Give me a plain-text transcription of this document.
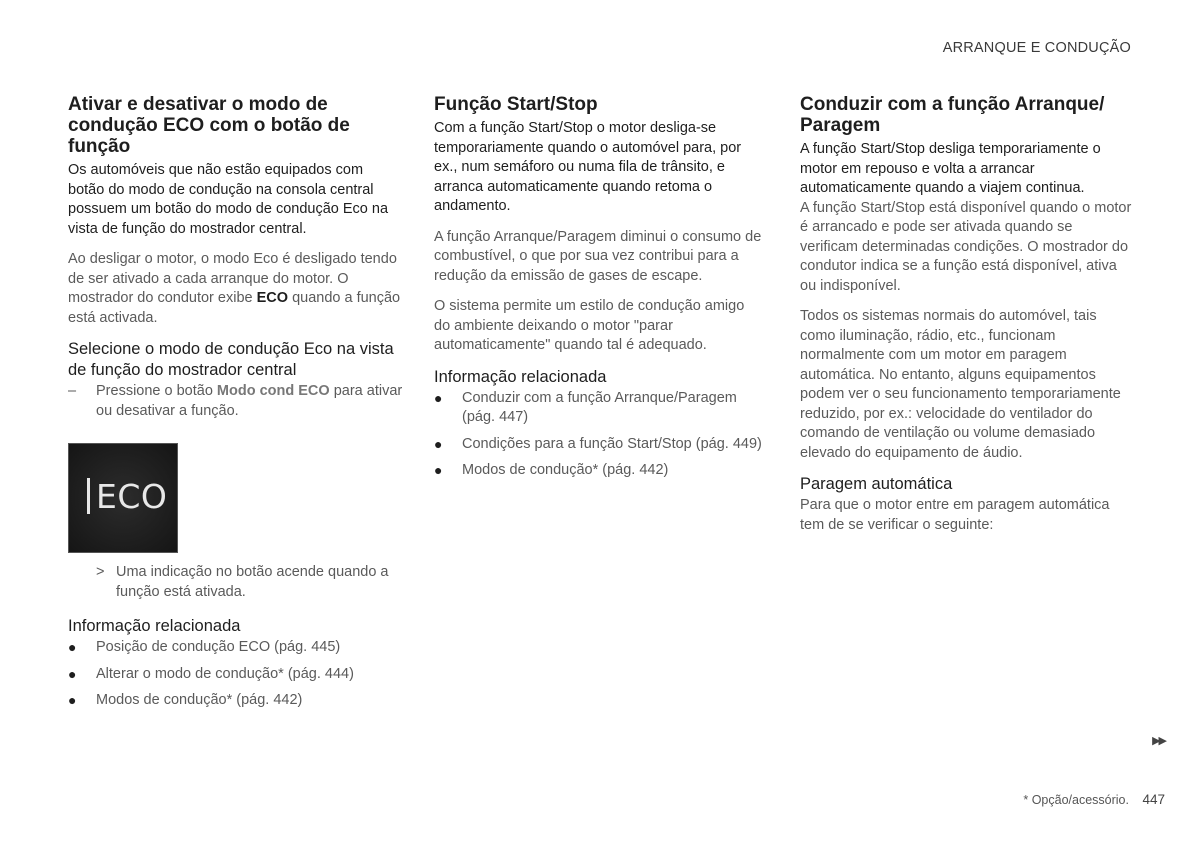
ARRANQUE E CONDUÇÃO
Ativar e desativar o modo de condução ECO com o botão de função

Os automóveis que não estão equipados com botão do modo de condução na consola central possuem um botão do modo de condução Eco na vista de função do mostrador central.

Ao desligar o motor, o modo Eco é desligado tendo de ser ativado a cada arranque do motor. O mostrador do condutor exibe ECO quando a função está activada.

Selecione o modo de condução Eco na vista de função do mostrador central
–	Pressione o botão Modo cond ECO para ativar ou desativar a função.
ECO
> Uma indicação no botão acende quando a função está ativada.
Informação relacionada
●	Posição de condução ECO (pág. 445)
●	Alterar o modo de condução* (pág. 444)
●	Modos de condução* (pág. 442)
Função Start/Stop

Com a função Start/Stop o motor desliga-se temporariamente quando o automóvel para, por ex., num semáforo ou numa fila de trânsito, e arranca automaticamente quando retoma o andamento.

A função Arranque/Paragem diminui o consumo de combustível, o que por sua vez contribui para a redução da emissão de gases de escape.

O sistema permite um estilo de condução amigo do ambiente deixando o motor "parar automaticamente" quando tal é adequado.

Informação relacionada
●	Conduzir com a função Arranque/Paragem (pág. 447)
●	Condições para a função Start/Stop (pág. 449)
●	Modos de condução* (pág. 442)
Conduzir com a função Arranque/ Paragem

A função Start/Stop desliga temporariamente o motor em repouso e volta a arrancar automaticamente quando a viajem continua.

A função Start/Stop está disponível quando o motor é arrancado e pode ser ativada quando se verificam determinadas condições. O mostrador do condutor indica se a função está disponível, ativa ou indisponível.

Todos os sistemas normais do automóvel, tais como iluminação, rádio, etc., funcionam normalmente com um motor em paragem automática. No entanto, alguns equipamentos podem ver o seu funcionamento temporariamente reduzido, por ex.: velocidade do ventilador do comando de ventilação ou volume demasiado elevado do equipamento de áudio.

Paragem automática

Para que o motor entre em paragem automática tem de se verificar o seguinte:

▶▶
* Opção/acessório. 447
